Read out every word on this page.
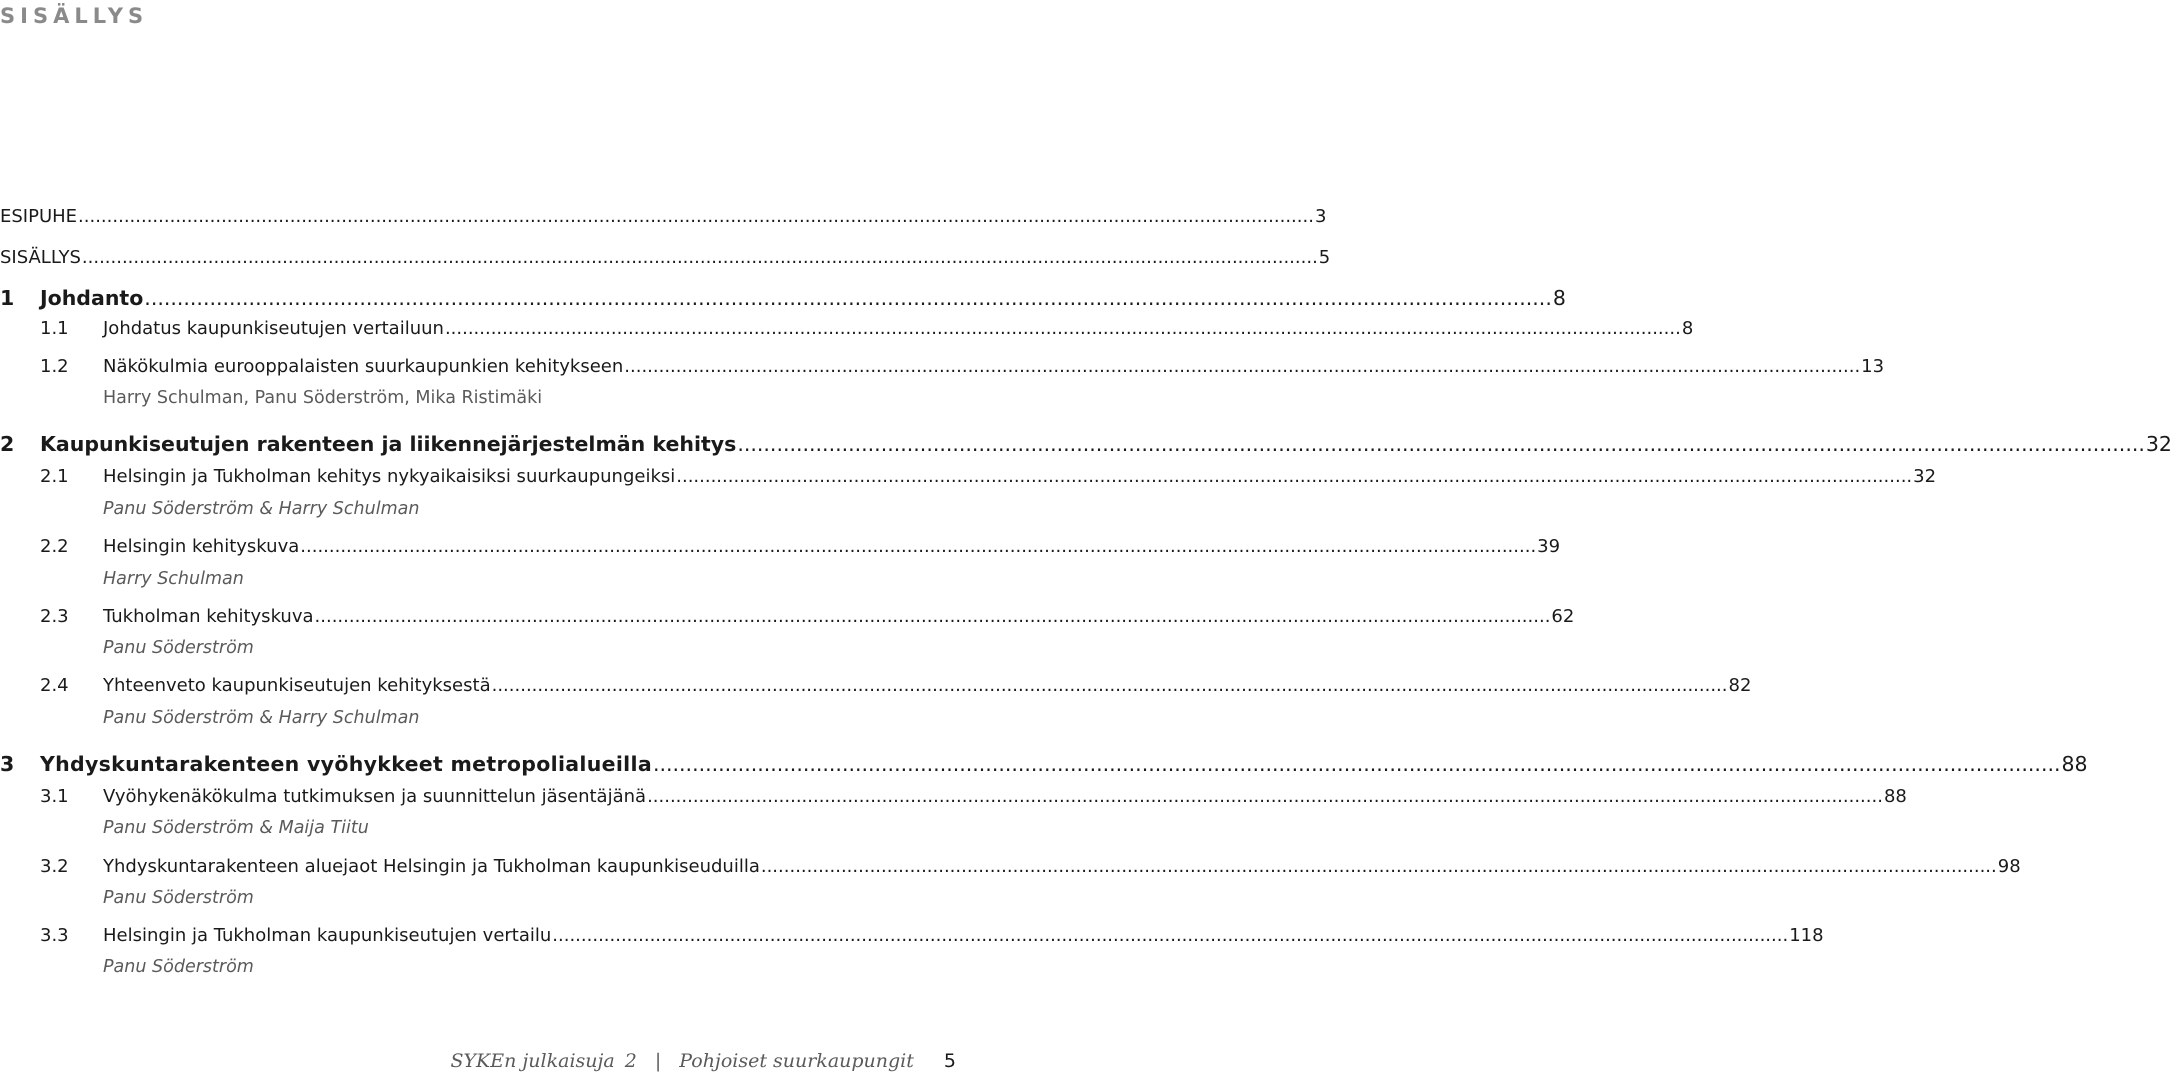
SISÄLLYS
ESIPUHE ........................................................................................................................................................................................................................ 3
SISÄLLYS ........................................................................................................................................................................................................................ 5
1	Johdanto ........................................................................................................................................................................................................................ 8
1.1	Johdatus kaupunkiseutujen vertailuun ........................................................................................................................................................................................................................ 8
1.2	Näkökulmia eurooppalaisten suurkaupunkien kehitykseen ........................................................................................................................................................................................................................ 13
Harry Schulman, Panu Söderström, Mika Ristimäki
2	Kaupunkiseutujen rakenteen ja liikennejärjestelmän kehitys ........................................................................................................................................................................................................................ 32
2.1	Helsingin ja Tukholman kehitys nykyaikaisiksi suurkaupungeiksi ........................................................................................................................................................................................................................ 32
Panu Söderström & Harry Schulman
2.2	Helsingin kehityskuva ........................................................................................................................................................................................................................ 39
Harry Schulman
2.3	Tukholman kehityskuva ........................................................................................................................................................................................................................ 62
Panu Söderström
2.4	Yhteenveto kaupunkiseutujen kehityksestä ........................................................................................................................................................................................................................ 82
Panu Söderström & Harry Schulman
3	Yhdyskuntarakenteen vyöhykkeet metropolialueilla ........................................................................................................................................................................................................................ 88
3.1	Vyöhykenäkökulma tutkimuksen ja suunnittelun jäsentäjänä ........................................................................................................................................................................................................................ 88
Panu Söderström & Maija Tiitu
3.2	Yhdyskuntarakenteen aluejaot Helsingin ja Tukholman kaupunkiseuduilla ........................................................................................................................................................................................................................ 98
Panu Söderström
3.3	Helsingin ja Tukholman kaupunkiseutujen vertailu ........................................................................................................................................................................................................................ 118
Panu Söderström
SYKEn julkaisuja 2 | Pohjoiset suurkaupungit 5
